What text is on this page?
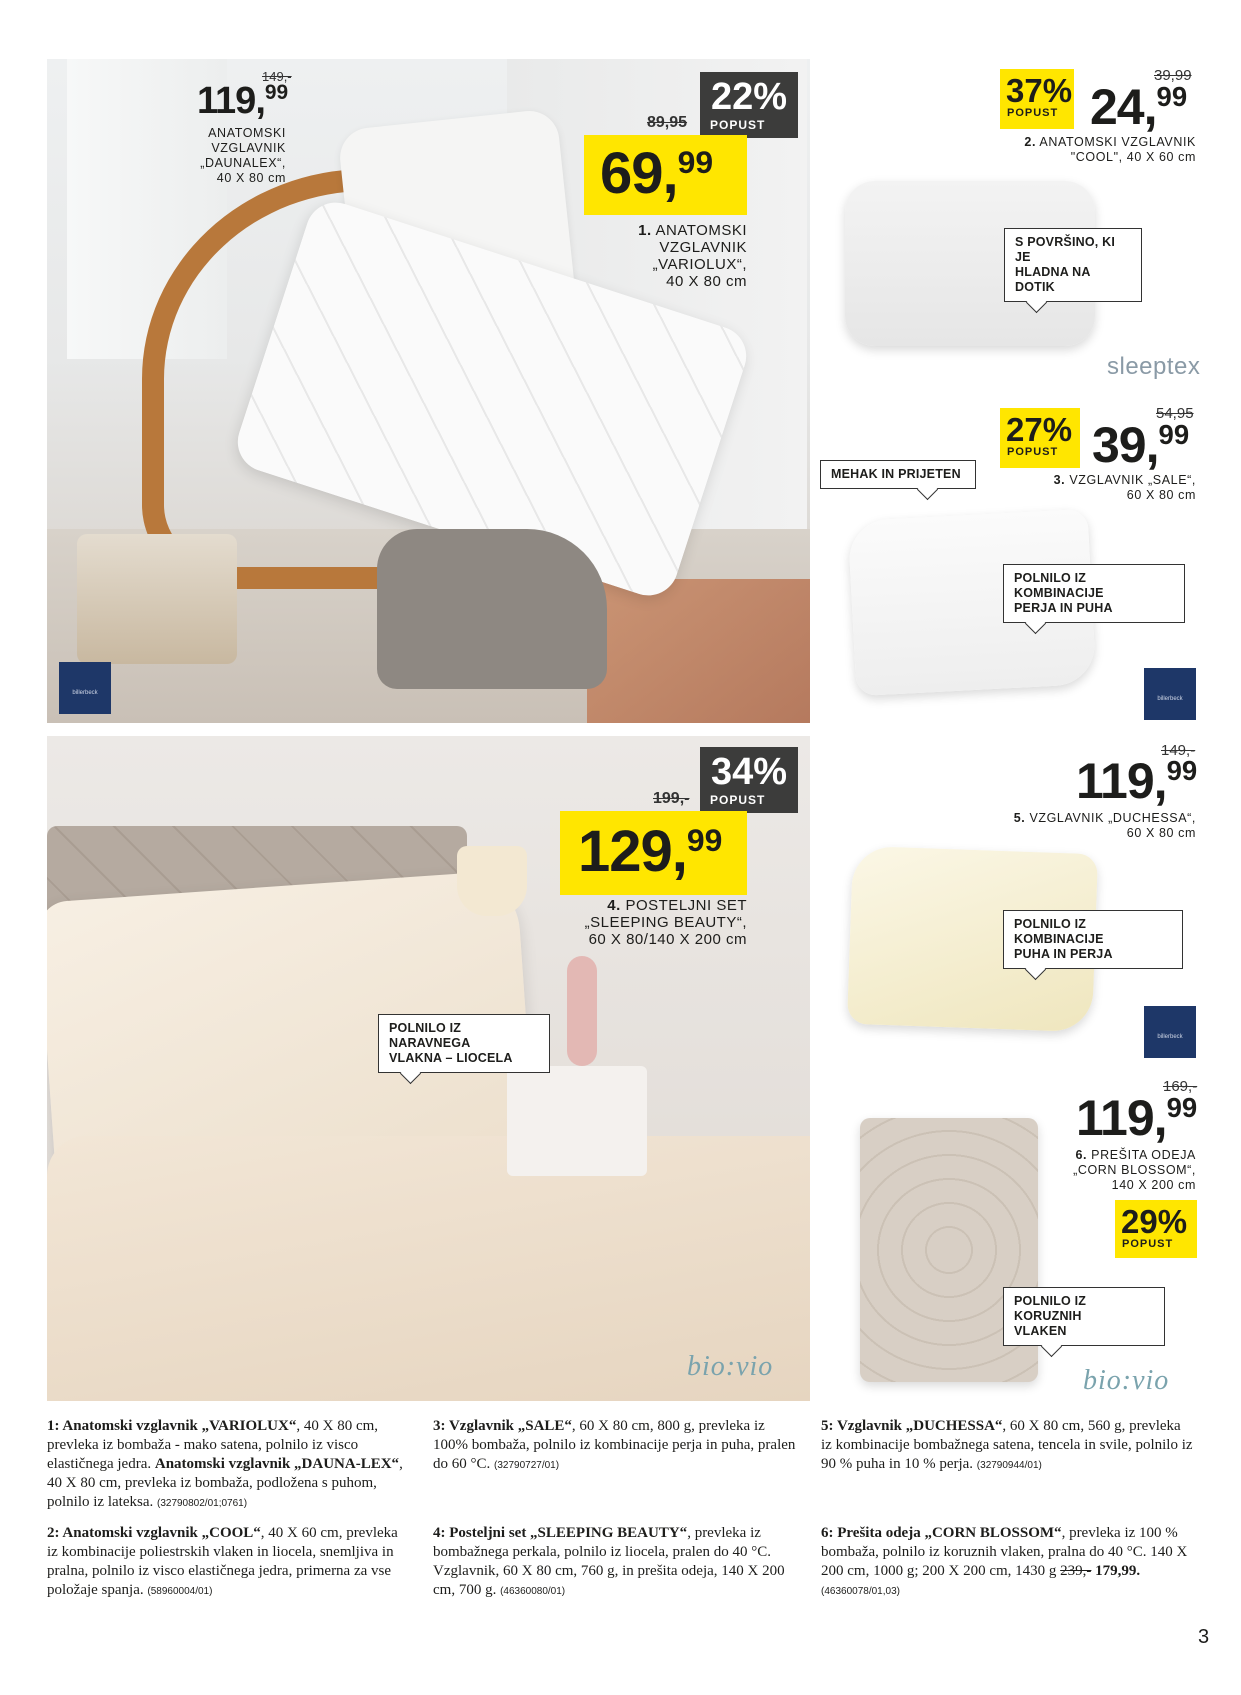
billerbeck
149,-
119,99
ANATOMSKI
VZGLAVNIK
„DAUNALEX“,
40 X 80 cm
22%
POPUST
89,95
69,99
1. ANATOMSKI
VZGLAVNIK
„VARIOLUX“,
40 X 80 cm
bio:vio
34%
POPUST
199,-
129,99
4. POSTELJNI SET
„SLEEPING BEAUTY“,
60 X 80/140 X 200 cm
POLNILO IZ NARAVNEGA
VLAKNA – LIOCELA
39,99
37%
POPUST 24,99
2. ANATOMSKI VZGLAVNIK
"COOL", 40 X 60 cm
S POVRŠINO, KI JE
HLADNA NA DOTIK
sleeptex
54,95
27%
POPUST 39,99
3. VZGLAVNIK „SALE“,
60 X 80 cm
MEHAK IN PRIJETEN
POLNILO IZ KOMBINACIJE
PERJA IN PUHA
billerbeck
149,-
119,99
5. VZGLAVNIK „DUCHESSA“,
60 X 80 cm
POLNILO IZ KOMBINACIJE
PUHA IN PERJA
billerbeck
169,-
119,99
6. PREŠITA ODEJA
„CORN BLOSSOM“,
140 X 200 cm
29%
POPUST
POLNILO IZ KORUZNIH
VLAKEN
bio:vio
1: Anatomski vzglavnik „VARIOLUX“, 40 X 80 cm, prevleka iz bombaža - mako satena, polnilo iz visco elastičnega jedra. Anatomski vzglavnik „DAUNA-LEX“, 40 X 80 cm, prevleka iz bombaža, podložena s puhom, polnilo iz lateksa. (32790802/01;0761)
2: Anatomski vzglavnik „COOL“, 40 X 60 cm, prevleka iz kombinacije poliestrskih vlaken in liocela, snemljiva in pralna, polnilo iz visco elastičnega jedra, primerna za vse položaje spanja. (58960004/01)
3: Vzglavnik „SALE“, 60 X 80 cm, 800 g, prevleka iz 100% bombaža, polnilo iz kombinacije perja in puha, pralen do 60 °C. (32790727/01)
4: Posteljni set „SLEEPING BEAUTY“, prevleka iz bombažnega perkala, polnilo iz liocela, pralen do 40 °C. Vzglavnik, 60 X 80 cm, 760 g, in prešita odeja, 140 X 200 cm, 700 g. (46360080/01)
5: Vzglavnik „DUCHESSA“, 60 X 80 cm, 560 g, prevleka iz kombinacije bombažnega satena, tencela in svile, polnilo iz 90 % puha in 10 % perja. (32790944/01)
6: Prešita odeja „CORN BLOSSOM“, prevleka iz 100 % bombaža, polnilo iz koruznih vlaken, pralna do 40 °C. 140 X 200 cm, 1000 g; 200 X 200 cm, 1430 g 239,- 179,99. (46360078/01,03)
3
